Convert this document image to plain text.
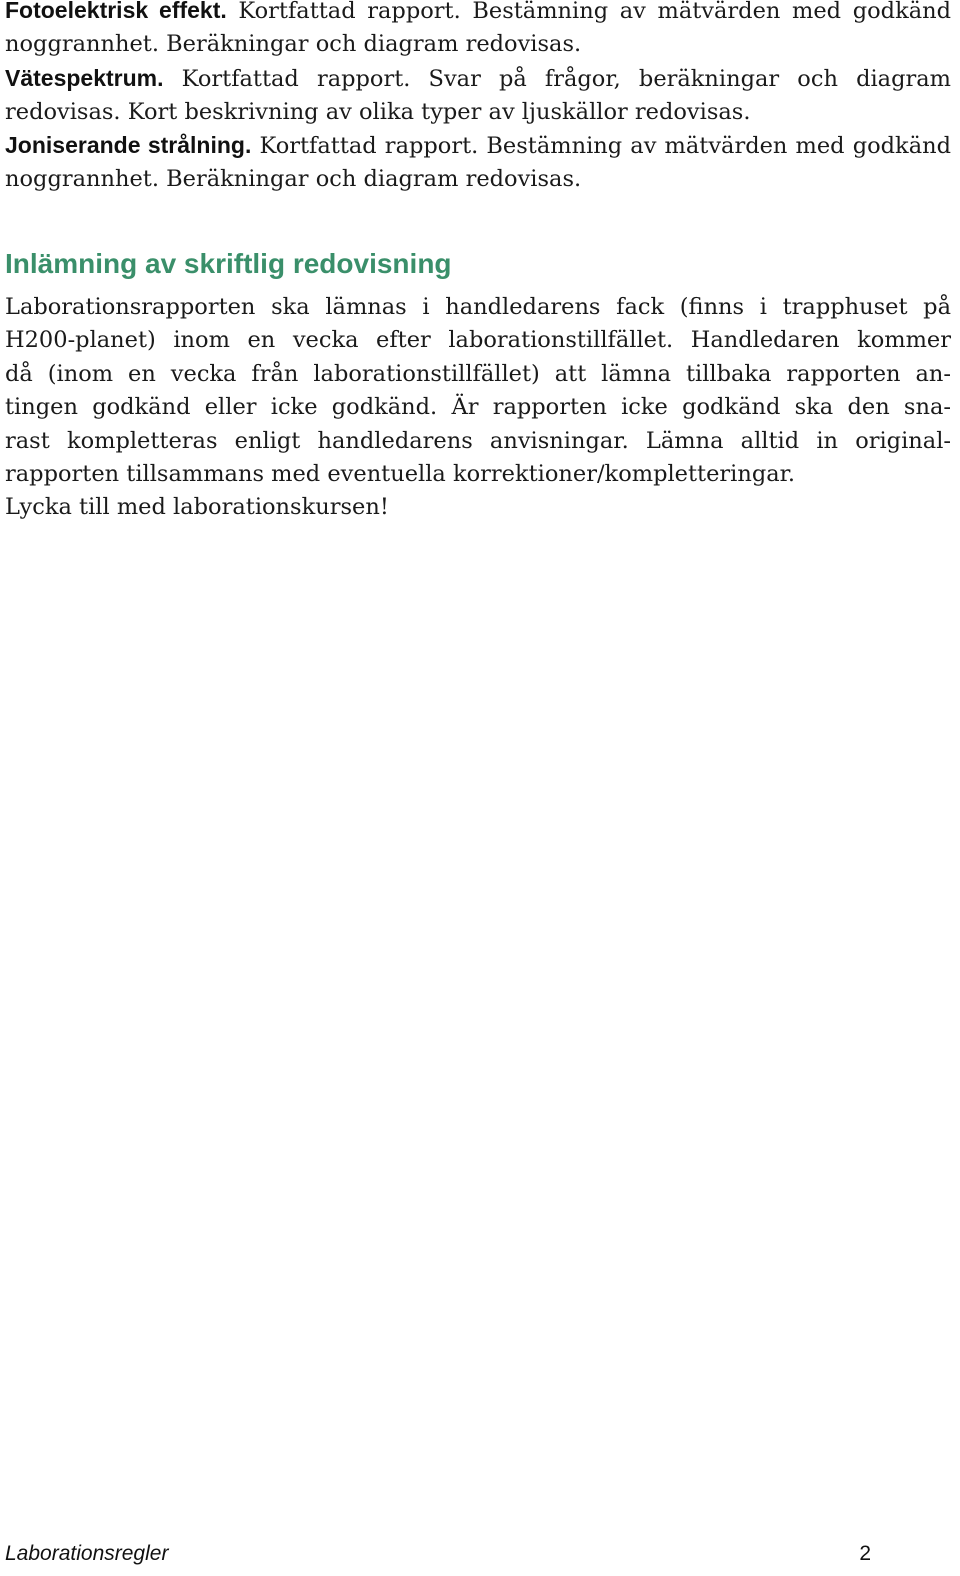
Fotoelektrisk effekt. Kortfattad rapport. Bestämning av mätvärden med godkänd noggrannhet. Beräkningar och diagram redovisas.

Vätespektrum. Kortfattad rapport. Svar på frågor, beräkningar och diagram redovisas. Kort beskrivning av olika typer av ljuskällor redovisas.

Joniserande strålning. Kortfattad rapport. Bestämning av mätvärden med godkänd noggrannhet. Beräkningar och diagram redovisas.

Inlämning av skriftlig redovisning
Laborationsrapporten ska lämnas i handledarens fack (finns i trapphuset på
H200-planet) inom en vecka efter laborationstillfället. Handledaren kommer
då (inom en vecka från laborationstillfället) att lämna tillbaka rapporten an-
tingen godkänd eller icke godkänd. Är rapporten icke godkänd ska den sna-
rast kompletteras enligt handledarens anvisningar. Lämna alltid in original-
rapporten tillsammans med eventuella korrektioner/kompletteringar.
Lycka till med laborationskursen!
Laborationsregler	2
